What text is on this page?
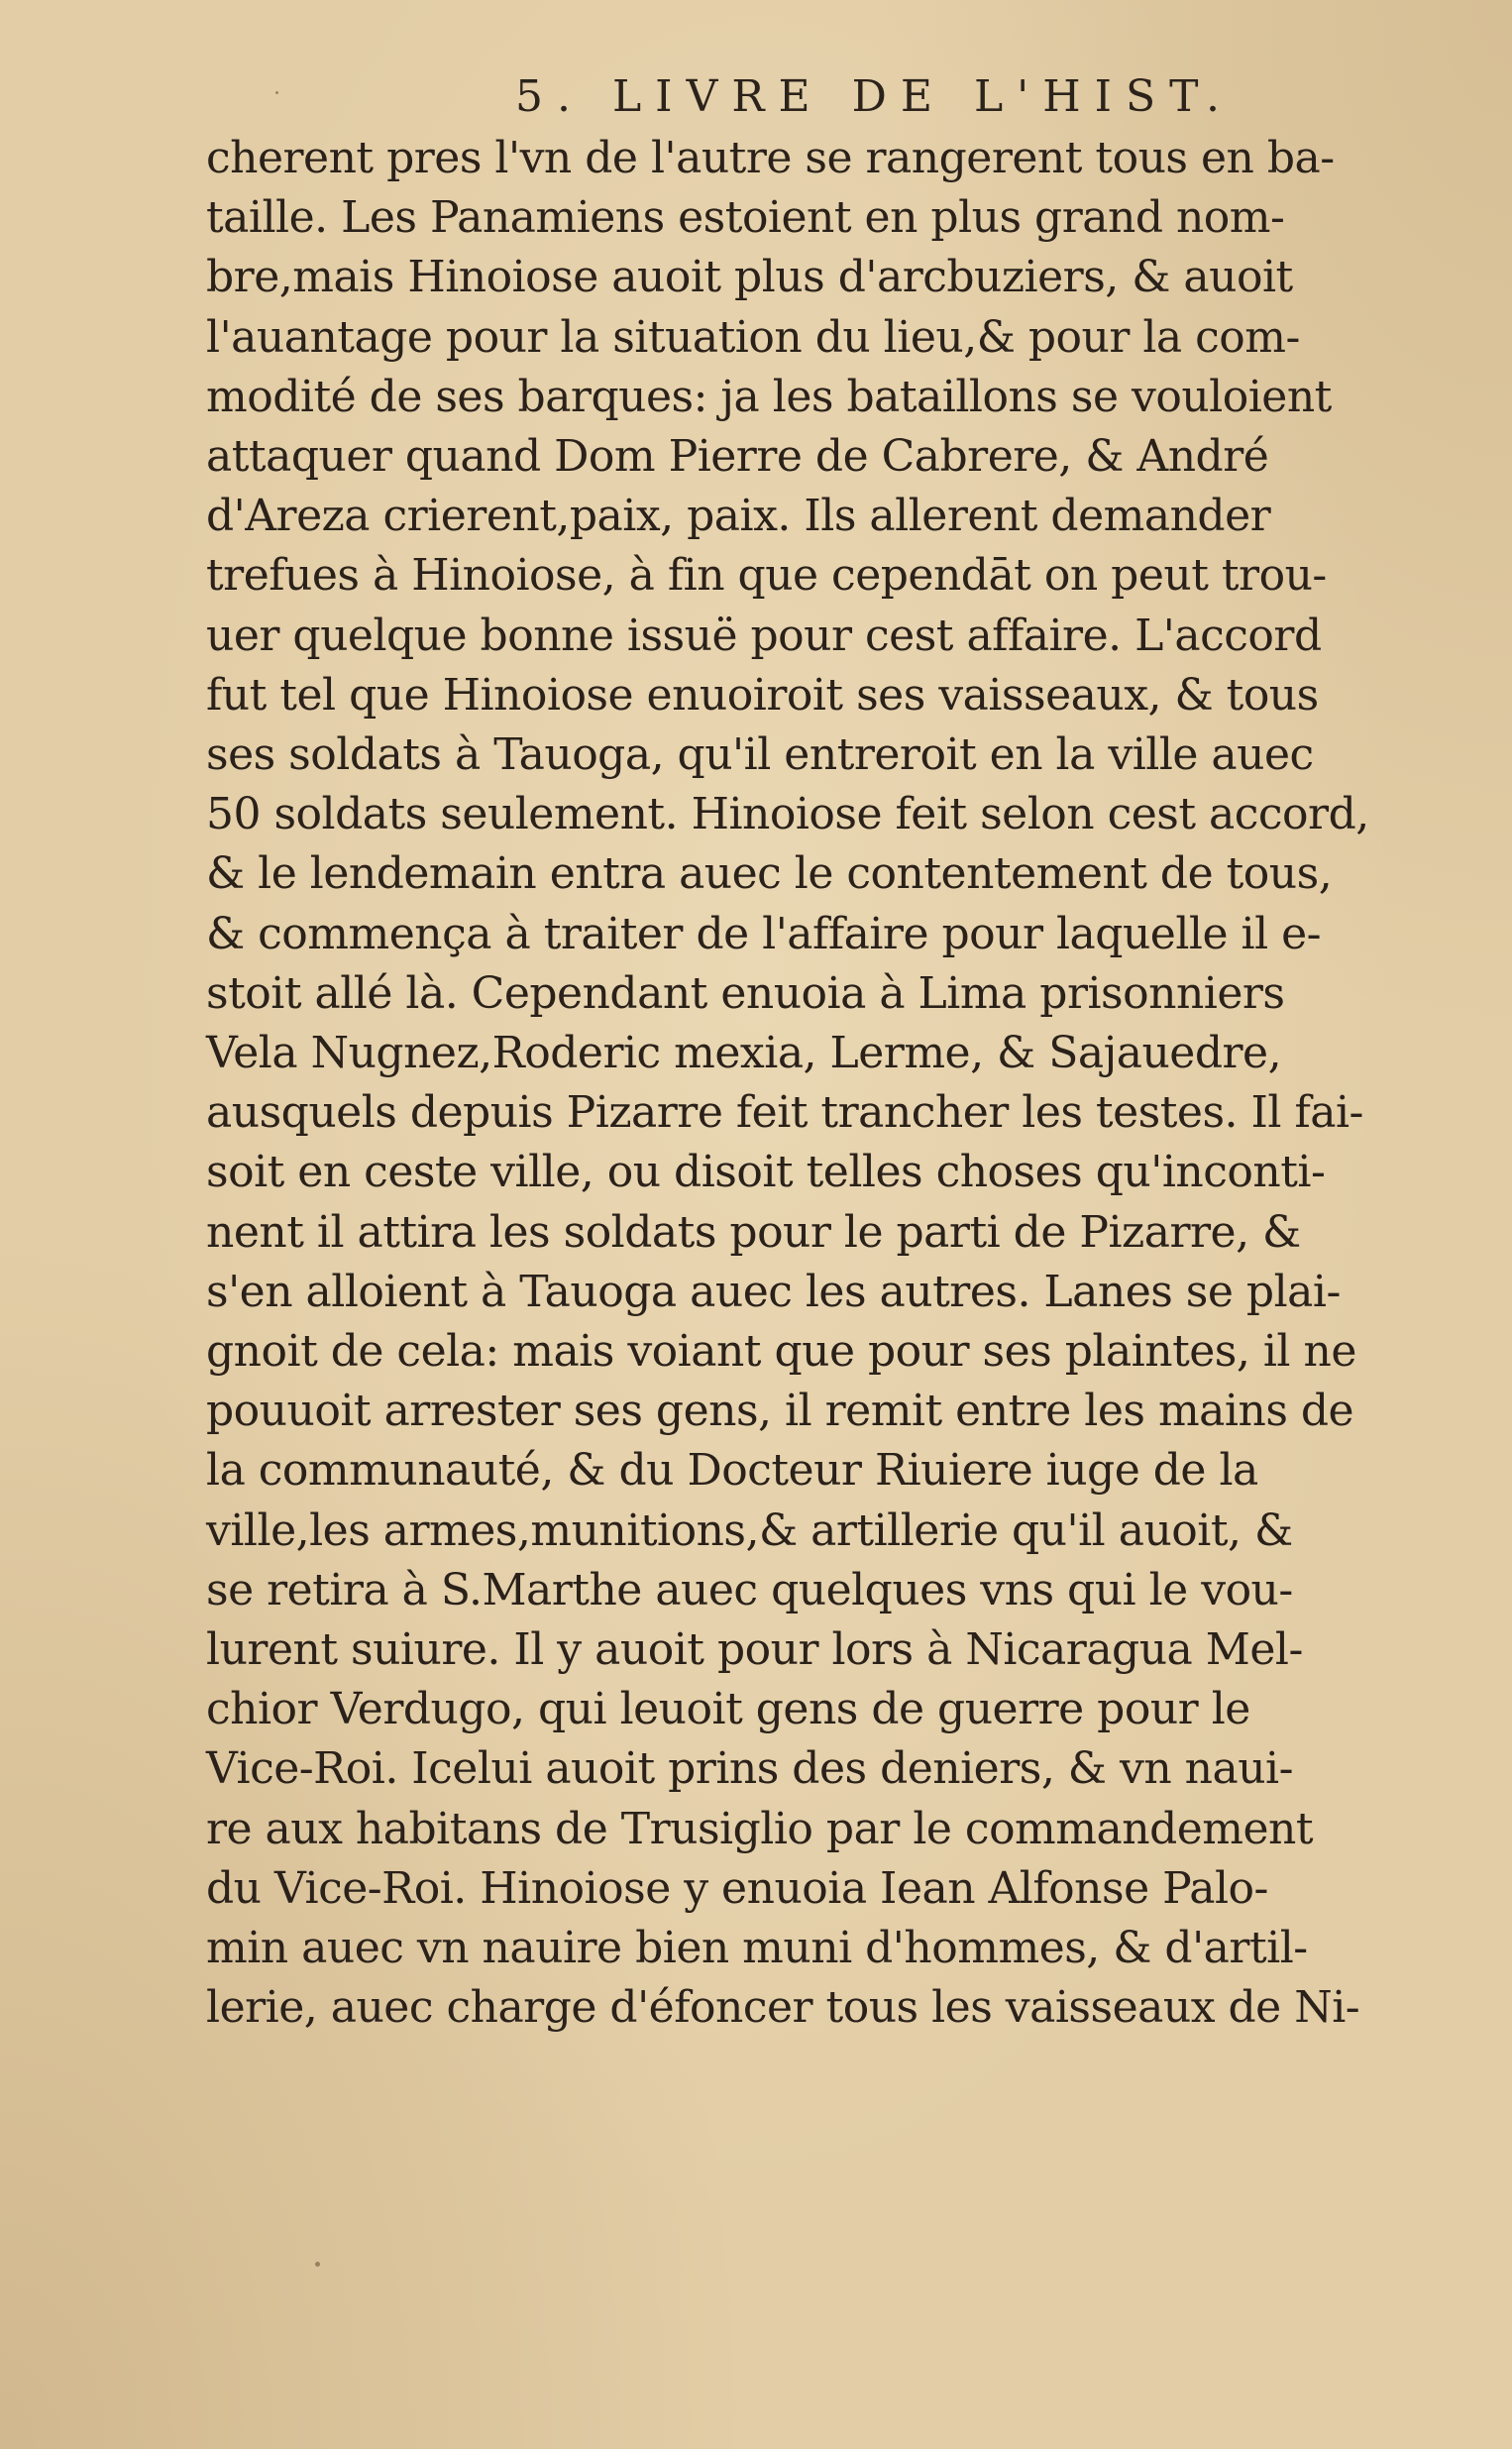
5. LIVRE DE L'HIST.
cherent pres l'vn de l'autre se rangerent tous en ba-
taille. Les Panamiens estoient en plus grand nom-
bre,mais Hinoiose auoit plus d'arcbuziers, & auoit
l'auantage pour la situation du lieu,& pour la com-
modité de ses barques: ja les bataillons se vouloient
attaquer quand Dom Pierre de Cabrere, & André
d'Areza crierent,paix, paix. Ils allerent demander
trefues à Hinoiose, à fin que cependāt on peut trou-
uer quelque bonne issuë pour cest affaire. L'accord
fut tel que Hinoiose enuoiroit ses vaisseaux, & tous
ses soldats à Tauoga, qu'il entreroit en la ville auec
50 soldats seulement. Hinoiose feit selon cest accord,
& le lendemain entra auec le contentement de tous,
& commença à traiter de l'affaire pour laquelle il e-
stoit allé là. Cependant enuoia à Lima prisonniers
Vela Nugnez,Roderic mexia, Lerme, & Sajauedre,
ausquels depuis Pizarre feit trancher les testes. Il fai-
soit en ceste ville, ou disoit telles choses qu'inconti-
nent il attira les soldats pour le parti de Pizarre, &
s'en alloient à Tauoga auec les autres. Lanes se plai-
gnoit de cela: mais voiant que pour ses plaintes, il ne
pouuoit arrester ses gens, il remit entre les mains de
la communauté, & du Docteur Riuiere iuge de la
ville,les armes,munitions,& artillerie qu'il auoit, &
se retira à S.Marthe auec quelques vns qui le vou-
lurent suiure. Il y auoit pour lors à Nicaragua Mel-
chior Verdugo, qui leuoit gens de guerre pour le
Vice-Roi. Icelui auoit prins des deniers, & vn naui-
re aux habitans de Trusiglio par le commandement
du Vice-Roi. Hinoiose y enuoia Iean Alfonse Palo-
min auec vn nauire bien muni d'hommes, & d'artil-
lerie, auec charge d'éfoncer tous les vaisseaux de Ni-
